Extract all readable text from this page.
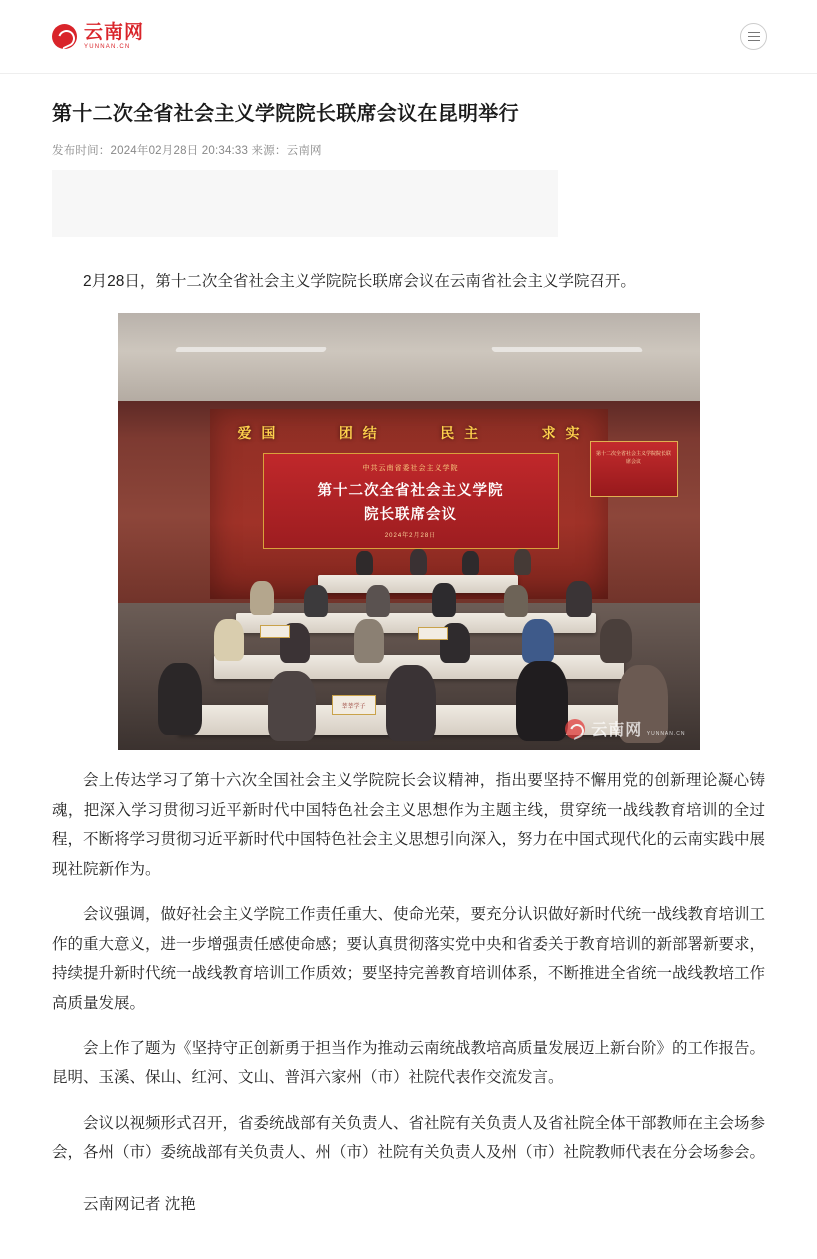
云南网
YUNNAN.CN
第十二次全省社会主义学院院长联席会议在昆明举行
发布时间：2024年02月28日 20:34:33 来源：云南网

2月28日，第十二次全省社会主义学院院长联席会议在云南省社会主义学院召开。

爱 国	团 结	民 主	求 实
中共云南省委社会主义学院
第十二次全省社会主义学院
院长联席会议
2024年2月28日
第十二次全省社会主义学院院长联席会议
莘莘学子
云南网 YUNNAN.CN

会上传达学习了第十六次全国社会主义学院院长会议精神，指出要坚持不懈用党的创新理论凝心铸魂，把深入学习贯彻习近平新时代中国特色社会主义思想作为主题主线，贯穿统一战线教育培训的全过程，不断将学习贯彻习近平新时代中国特色社会主义思想引向深入，努力在中国式现代化的云南实践中展现社院新作为。

会议强调，做好社会主义学院工作责任重大、使命光荣，要充分认识做好新时代统一战线教育培训工作的重大意义，进一步增强责任感使命感；要认真贯彻落实党中央和省委关于教育培训的新部署新要求，持续提升新时代统一战线教育培训工作质效；要坚持完善教育培训体系，不断推进全省统一战线教培工作高质量发展。

会上作了题为《坚持守正创新勇于担当作为推动云南统战教培高质量发展迈上新台阶》的工作报告。昆明、玉溪、保山、红河、文山、普洱六家州（市）社院代表作交流发言。

会议以视频形式召开，省委统战部有关负责人、省社院有关负责人及省社院全体干部教师在主会场参会，各州（市）委统战部有关负责人、州（市）社院有关负责人及州（市）社院教师代表在分会场参会。

云南网记者 沈艳
